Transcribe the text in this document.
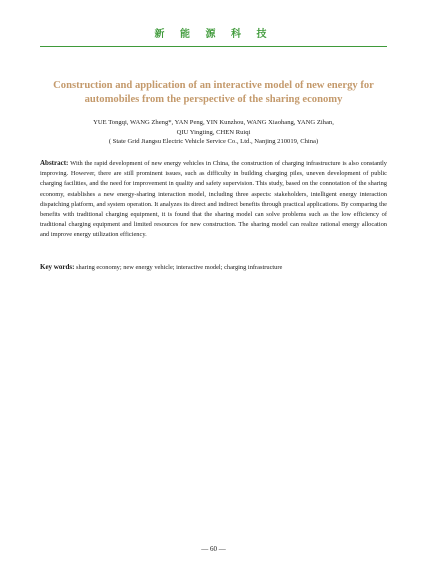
新 能 源 科 技
Construction and application of an interactive model of new energy for
automobiles from the perspective of the sharing economy
YUE Tongqi, WANG Zheng*, YAN Peng, YIN Kunzhou, WANG Xiaohang, YANG Zihan,
QIU Yingting, CHEN Ruiqi
( State Grid Jiangsu Electric Vehicle Service Co., Ltd., Nanjing 210019, China)
Abstract: With the rapid development of new energy vehicles in China, the construction of charging infrastructure is also constantly improving. However, there are still prominent issues, such as difficulty in building charging piles, uneven development of public charging facilities, and the need for improvement in quality and safety supervision. This study, based on the connotation of the sharing economy, establishes a new energy-sharing interaction model, including three aspects: stakeholders, intelligent energy interaction dispatching platform, and system operation. It analyzes its direct and indirect benefits through practical applications. By comparing the benefits with traditional charging equipment, it is found that the sharing model can solve problems such as the low efficiency of traditional charging equipment and limited resources for new construction. The sharing model can realize rational energy allocation and improve energy utilization efficiency.
Key words: sharing economy; new energy vehicle; interactive model; charging infrastructure
— 60 —
